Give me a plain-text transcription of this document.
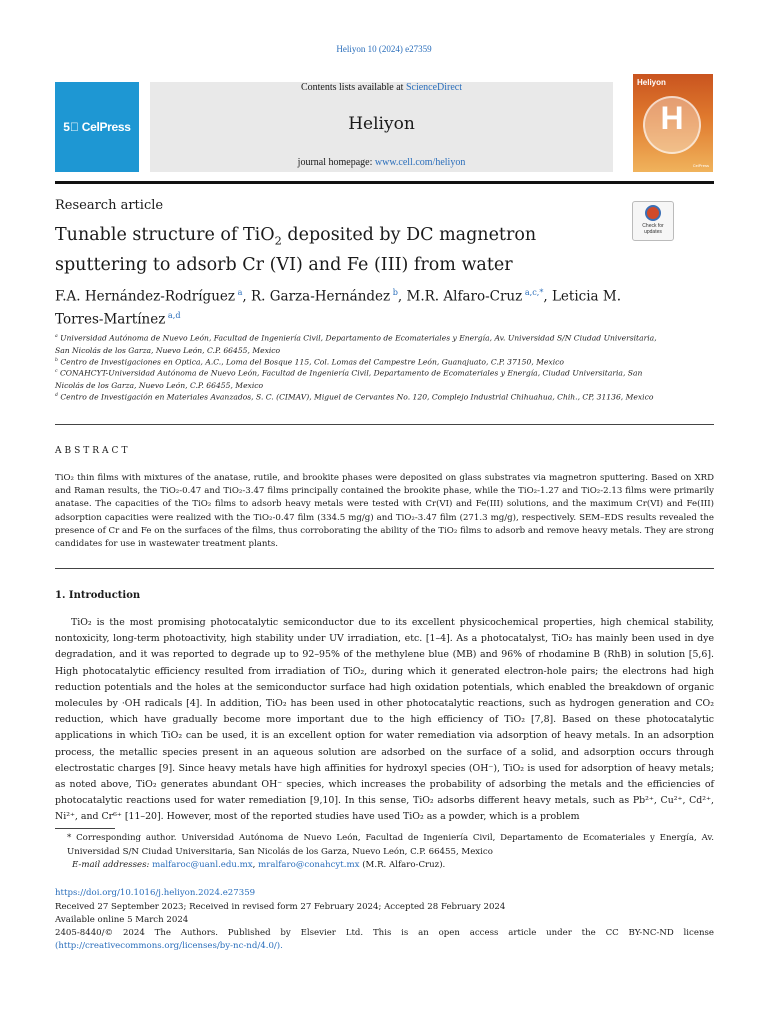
Heliyon 10 (2024) e27359
5⃣ CelPress
Contents lists available at ScienceDirect
Heliyon
journal homepage: www.cell.com/heliyon
Heliyon
H
CelPress
Research article
Check for updates
Tunable structure of TiO$_2$ deposited by DC magnetron sputtering to adsorb Cr (VI) and Fe (III) from water
F.A. Hernández-Rodríguez $^a$, R. Garza-Hernández $^b$, M.R. Alfaro-Cruz $^{a,c,*}$, Leticia M. Torres-Martínez $^{a,d}$
$^a$ Universidad Autónoma de Nuevo León, Facultad de Ingeniería Civil, Departamento de Ecomateriales y Energía, Av. Universidad S/N Ciudad Universitaria, San Nicolás de los Garza, Nuevo León, C.P. 66455, Mexico
$^b$ Centro de Investigaciones en Optica, A.C., Loma del Bosque 115, Col. Lomas del Campestre León, Guanajuato, C.P. 37150, Mexico
$^c$ CONAHCYT-Universidad Autónoma de Nuevo León, Facultad de Ingeniería Civil, Departamento de Ecomateriales y Energía, Ciudad Universitaria, San Nicolás de los Garza, Nuevo León, C.P. 66455, Mexico
$^d$ Centro de Investigación en Materiales Avanzados, S. C. (CIMAV), Miguel de Cervantes No. 120, Complejo Industrial Chihuahua, Chih., CP, 31136, Mexico
ABSTRACT
TiO₂ thin films with mixtures of the anatase, rutile, and brookite phases were deposited on glass substrates via magnetron sputtering. Based on XRD and Raman results, the TiO₂-0.47 and TiO₂-3.47 films principally contained the brookite phase, while the TiO₂-1.27 and TiO₂-2.13 films were primarily anatase. The capacities of the TiO₂ films to adsorb heavy metals were tested with Cr(VI) and Fe(III) solutions, and the maximum Cr(VI) and Fe(III) adsorption capacities were realized with the TiO₂-0.47 film (334.5 mg/g) and TiO₂-3.47 film (271.3 mg/g), respectively. SEM–EDS results revealed the presence of Cr and Fe on the surfaces of the films, thus corroborating the ability of the TiO₂ films to adsorb and remove heavy metals. They are strong candidates for use in wastewater treatment plants.
1. Introduction
TiO₂ is the most promising photocatalytic semiconductor due to its excellent physicochemical properties, high chemical stability, nontoxicity, long-term photoactivity, high stability under UV irradiation, etc. [1–4]. As a photocatalyst, TiO₂ has mainly been used in dye degradation, and it was reported to degrade up to 92–95% of the methylene blue (MB) and 96% of rhodamine B (RhB) in solution [5,6]. High photocatalytic efficiency resulted from irradiation of TiO₂, during which it generated electron-hole pairs; the electrons had high reduction potentials and the holes at the semiconductor surface had high oxidation potentials, which enabled the breakdown of organic molecules by ·OH radicals [4]. In addition, TiO₂ has been used in other photocatalytic reactions, such as hydrogen generation and CO₂ reduction, which have gradually become more important due to the high efficiency of TiO₂ [7,8]. Based on these photocatalytic applications in which TiO₂ can be used, it is an excellent option for water remediation via adsorption of heavy metals. In an adsorption process, the metallic species present in an aqueous solution are adsorbed on the surface of a solid, and adsorption occurs through electrostatic charges [9]. Since heavy metals have high affinities for hydroxyl species (OH⁻), TiO₂ is used for adsorption of heavy metals; as noted above, TiO₂ generates abundant OH⁻ species, which increases the probability of adsorbing the metals and the efficiencies of photocatalytic reactions used for water remediation [9,10]. In this sense, TiO₂ adsorbs different heavy metals, such as Pb²⁺, Cu²⁺, Cd²⁺, Ni²⁺, and Cr⁶⁺ [11–20]. However, most of the reported studies have used TiO₂ as a powder, which is a problem
* Corresponding author. Universidad Autónoma de Nuevo León, Facultad de Ingeniería Civil, Departamento de Ecomateriales y Energía, Av. Universidad S/N Ciudad Universitaria, San Nicolás de los Garza, Nuevo León, C.P. 66455, Mexico
E-mail addresses: malfaroc@uanl.edu.mx, mralfaro@conahcyt.mx (M.R. Alfaro-Cruz).
https://doi.org/10.1016/j.heliyon.2024.e27359
Received 27 September 2023; Received in revised form 27 February 2024; Accepted 28 February 2024
Available online 5 March 2024
2405-8440/© 2024 The Authors. Published by Elsevier Ltd. This is an open access article under the CC BY-NC-ND license (http://creativecommons.org/licenses/by-nc-nd/4.0/).
